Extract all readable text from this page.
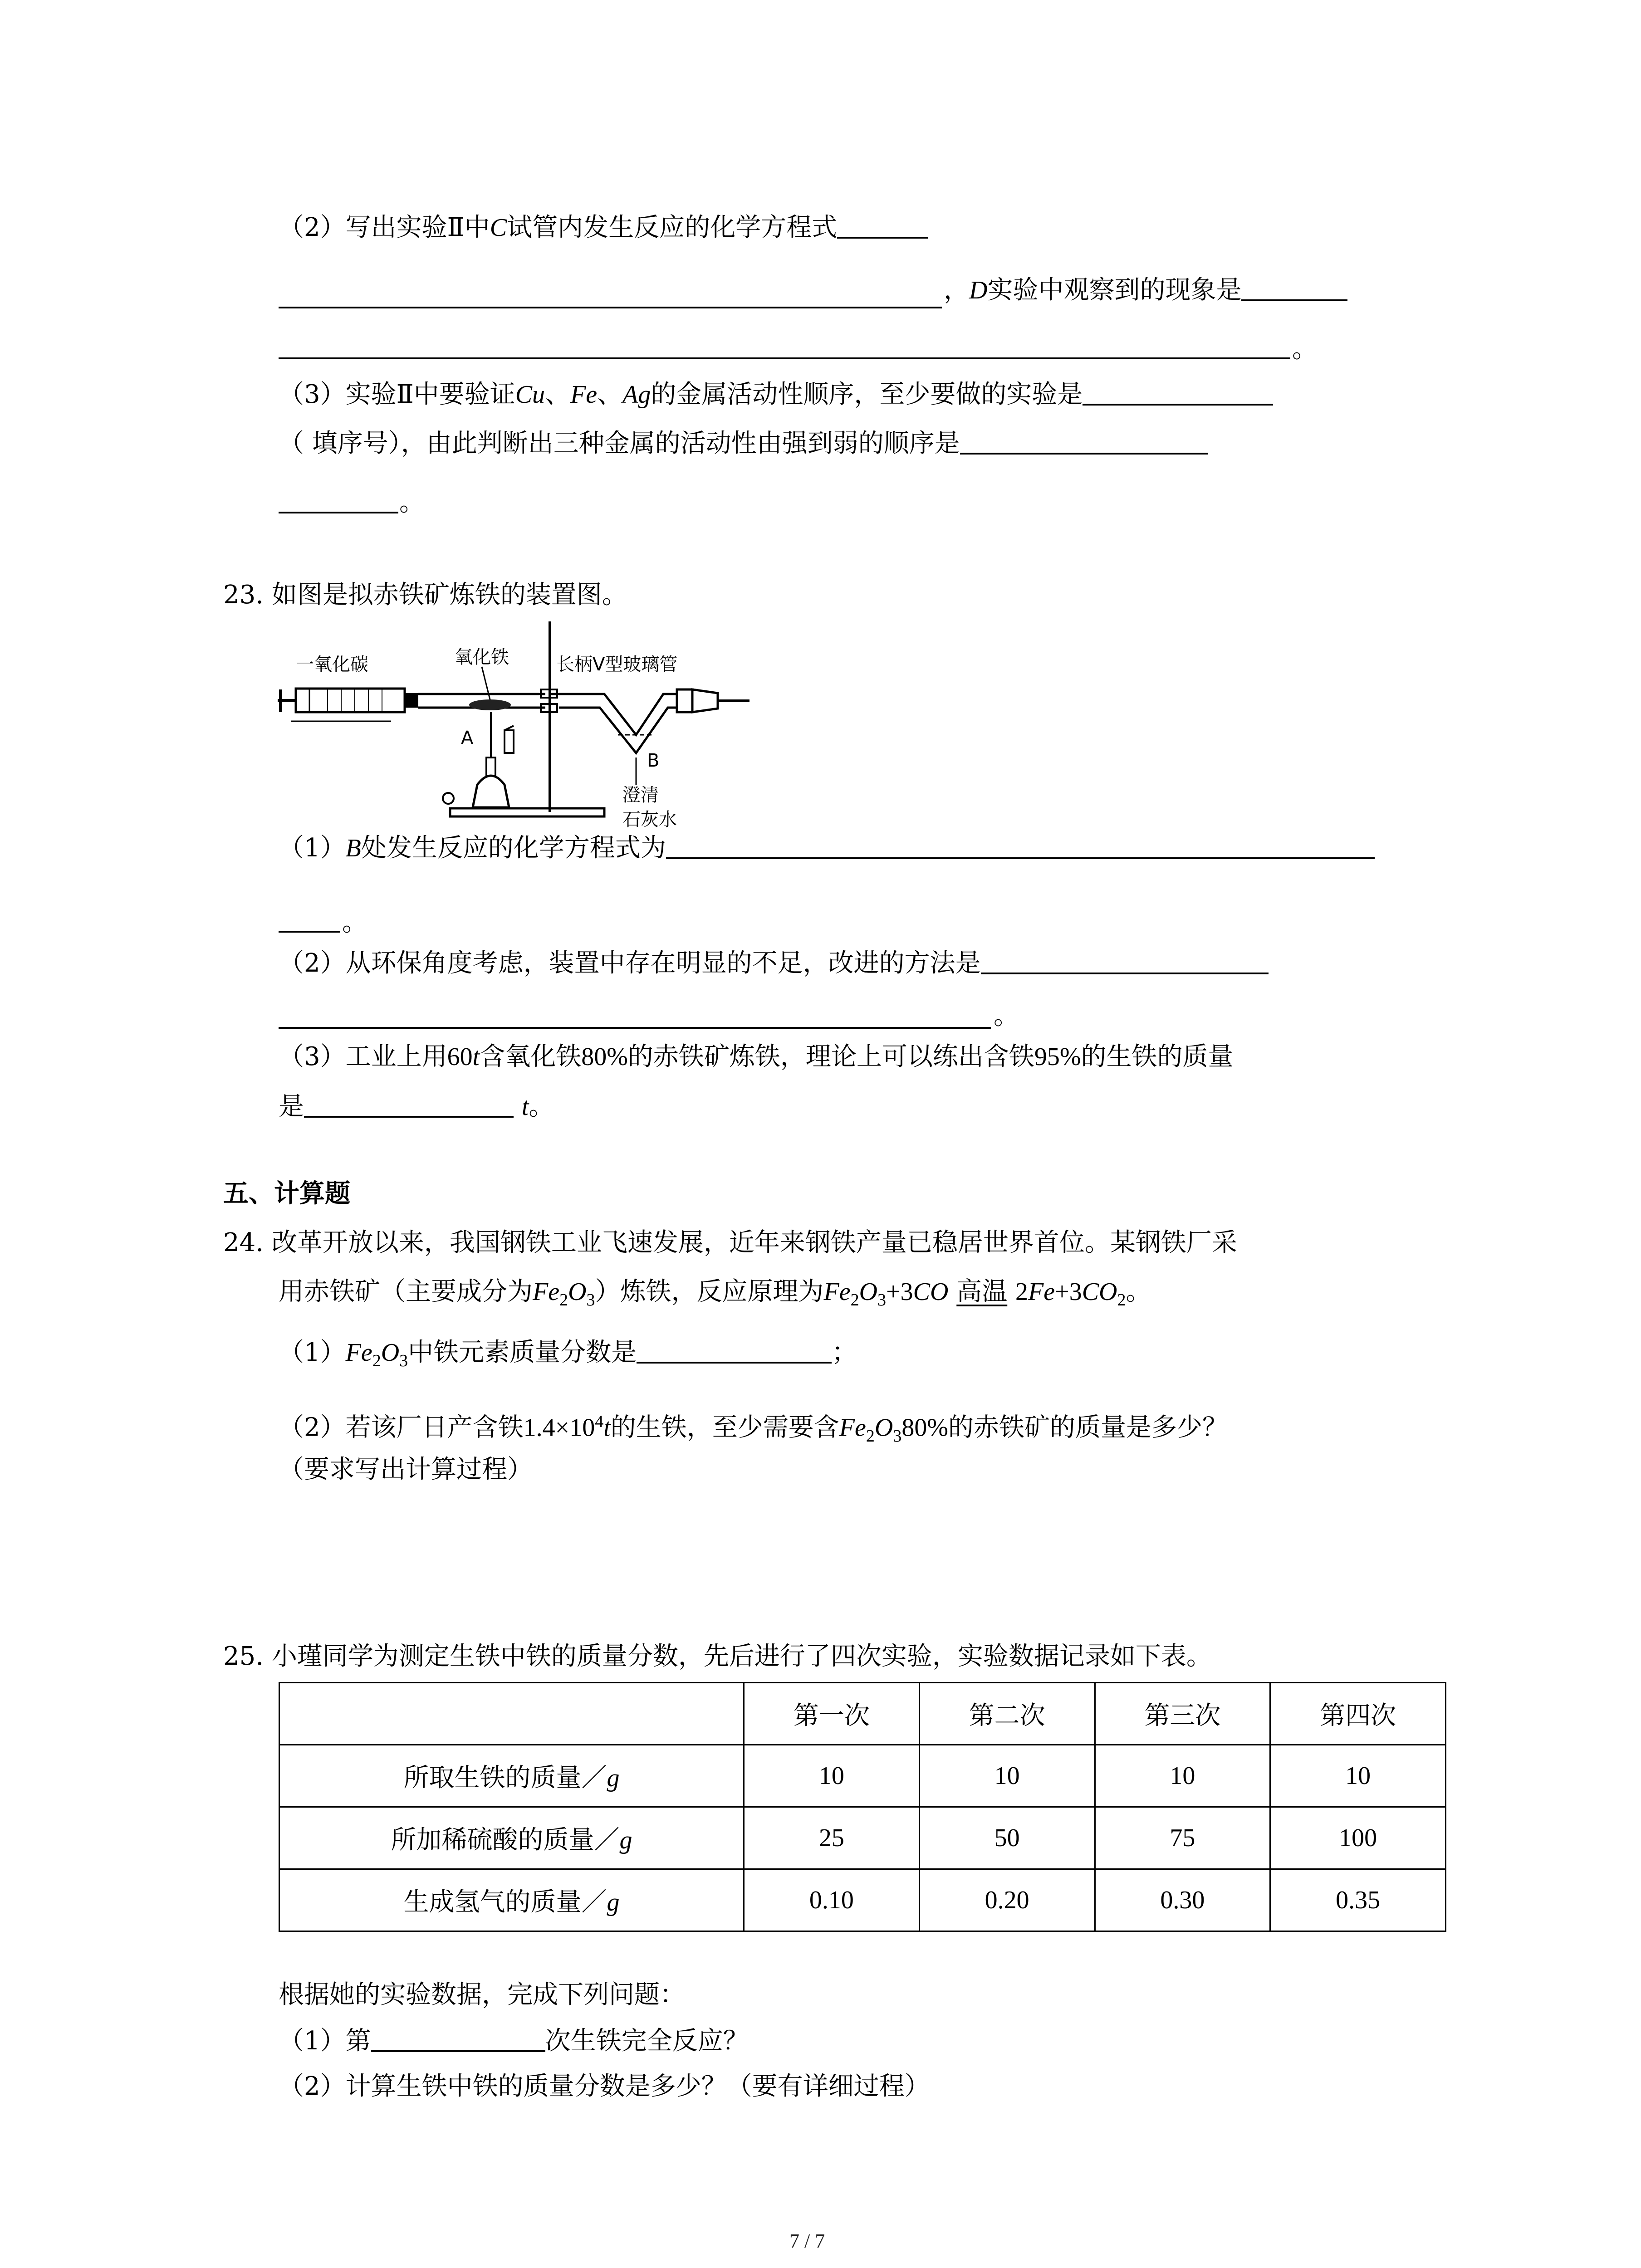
（2）写出实验Ⅱ中C试管内发生反应的化学方程式
，D实验中观察到的现象是
。
（3）实验Ⅱ中要验证Cu、Fe、Ag的金属活动性顺序，至少要做的实验是
（ 填序号），由此判断出三种金属的活动性由强到弱的顺序是
。
23. 如图是拟赤铁矿炼铁的装置图。
一氧化碳	氧化铁
A
长柄Ⅴ型玻璃管
B
澄清
石灰水
（1）B处发生反应的化学方程式为
。
（2）从环保角度考虑，装置中存在明显的不足，改进的方法是
。
（3）工业上用60t含氧化铁80%的赤铁矿炼铁，理论上可以练出含铁95%的生铁的质量
是	t。
五、计算题
24. 改革开放以来，我国钢铁工业飞速发展，近年来钢铁产量已稳居世界首位。某钢铁厂采
用赤铁矿（主要成分为$Fe_2O_3$）炼铁，反应原理为$Fe_2O_3+3CO$ 高温 $2Fe+3CO_2$。
$(1)Fe_2O_3$中铁元素质量分数是	；
（2）若该厂日产含铁$1.4\times 10^4t$的生铁，至少需要含$Fe_2O_380\%$的赤铁矿的质量是多少？
（要求写出计算过程）
25. 小瑾同学为测定生铁中铁的质量分数，先后进行了四次实验，实验数据记录如下表。
	第一次	第二次	第三次	第四次
所取生铁的质量／g	10	10	10	10
所加稀硫酸的质量／g	25	50	75	100
生成氢气的质量／g	0.10	0.20	0.30	0.35
根据她的实验数据，完成下列问题：
（1）第	次生铁完全反应？
（2）计算生铁中铁的质量分数是多少？（要有详细过程）
7 / 7
